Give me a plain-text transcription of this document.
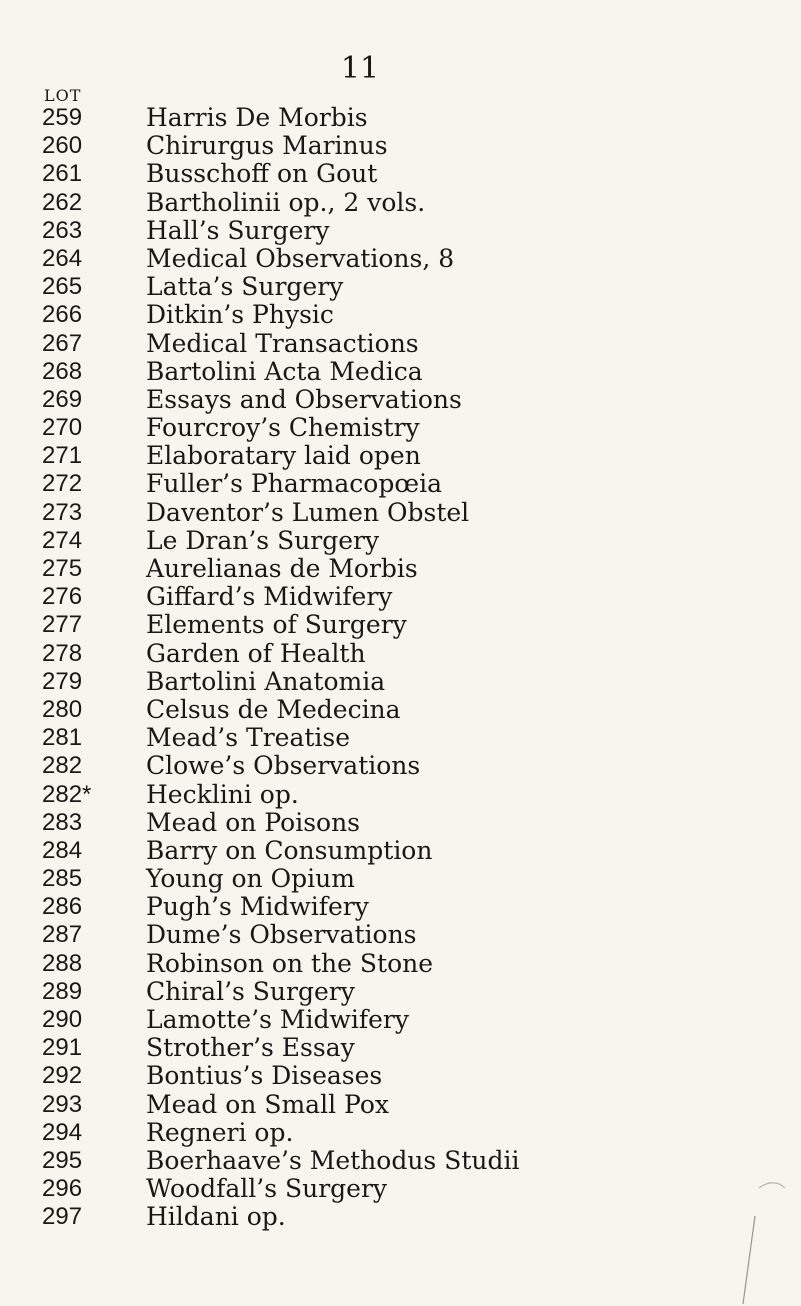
11
LOT
259	Harris De Morbis
260	Chirurgus Marinus
261	Busschoff on Gout
262	Bartholinii op., 2 vols.
263	Hall’s Surgery
264	Medical Observations, 8
265	Latta’s Surgery
266	Ditkin’s Physic
267	Medical Transactions
268	Bartolini Acta Medica
269	Essays and Observations
270	Fourcroy’s Chemistry
271	Elaboratary laid open
272	Fuller’s Pharmacopœia
273	Daventor’s Lumen Obstel
274	Le Dran’s Surgery
275	Aurelianas de Morbis
276	Giffard’s Midwifery
277	Elements of Surgery
278	Garden of Health
279	Bartolini Anatomia
280	Celsus de Medecina
281	Mead’s Treatise
282	Clowe’s Observations
282*	Hecklini op.
283	Mead on Poisons
284	Barry on Consumption
285	Young on Opium
286	Pugh’s Midwifery
287	Dume’s Observations
288	Robinson on the Stone
289	Chiral’s Surgery
290	Lamotte’s Midwifery
291	Strother’s Essay
292	Bontius’s Diseases
293	Mead on Small Pox
294	Regneri op.
295	Boerhaave’s Methodus Studii
296	Woodfall’s Surgery
297	Hildani op.
